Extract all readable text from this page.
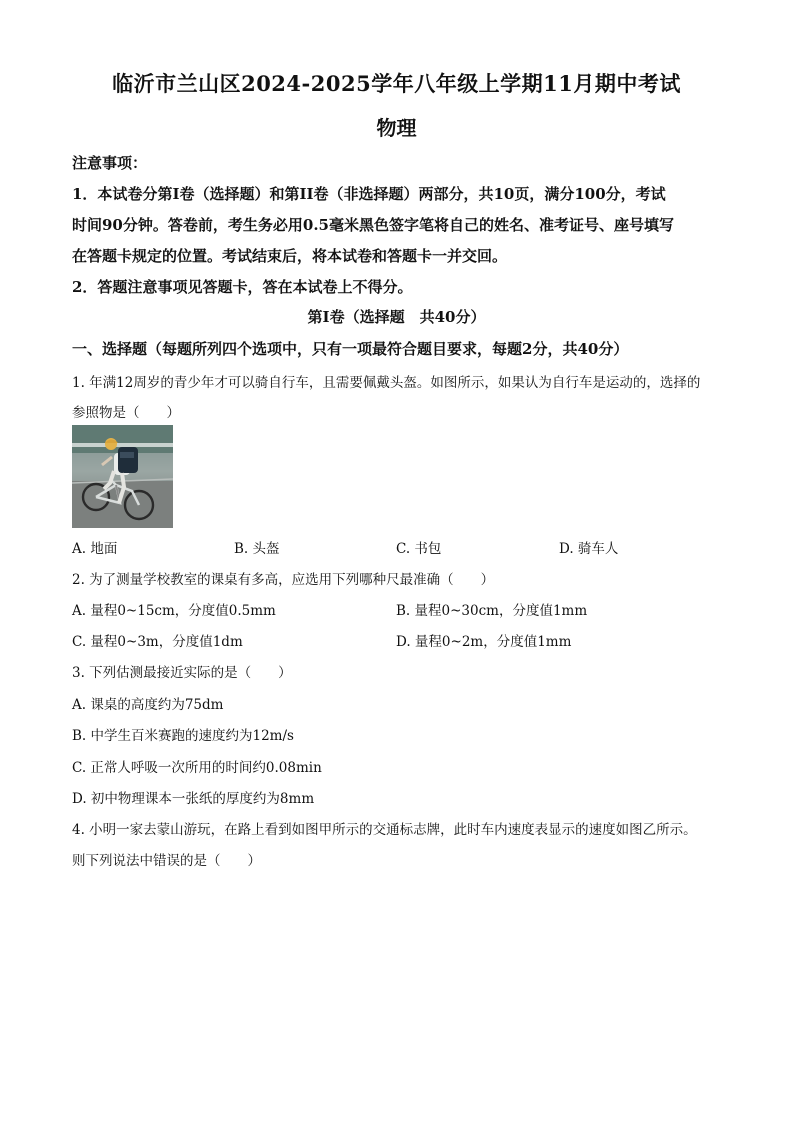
临沂市兰山区2024-2025学年八年级上学期11月期中考试
物理
注意事项：
1．本试卷分第I卷（选择题）和第II卷（非选择题）两部分，共10页，满分100分，考试
时间90分钟。答卷前，考生务必用0.5毫米黑色签字笔将自己的姓名、准考证号、座号填写
在答题卡规定的位置。考试结束后，将本试卷和答题卡一并交回。
2．答题注意事项见答题卡，答在本试卷上不得分。
第I卷（选择题　共40分）
一、选择题（每题所列四个选项中，只有一项最符合题目要求，每题2分，共40分）
1. 年满12周岁的青少年才可以骑自行车，且需要佩戴头盔。如图所示，如果认为自行车是运动的，选择的
参照物是（　　）
A. 地面	B. 头盔	C. 书包	D. 骑车人
2. 为了测量学校教室的课桌有多高，应选用下列哪种尺最准确（　　）
A. 量程0~15cm，分度值0.5mm	B. 量程0~30cm，分度值1mm
C. 量程0~3m，分度值1dm	D. 量程0~2m，分度值1mm
3. 下列估测最接近实际的是（　　）
A. 课桌的高度约为75dm
B. 中学生百米赛跑的速度约为12m/s
C. 正常人呼吸一次所用的时间约0.08min
D. 初中物理课本一张纸的厚度约为8mm
4. 小明一家去蒙山游玩，在路上看到如图甲所示的交通标志牌，此时车内速度表显示的速度如图乙所示。
则下列说法中错误的是（　　）
